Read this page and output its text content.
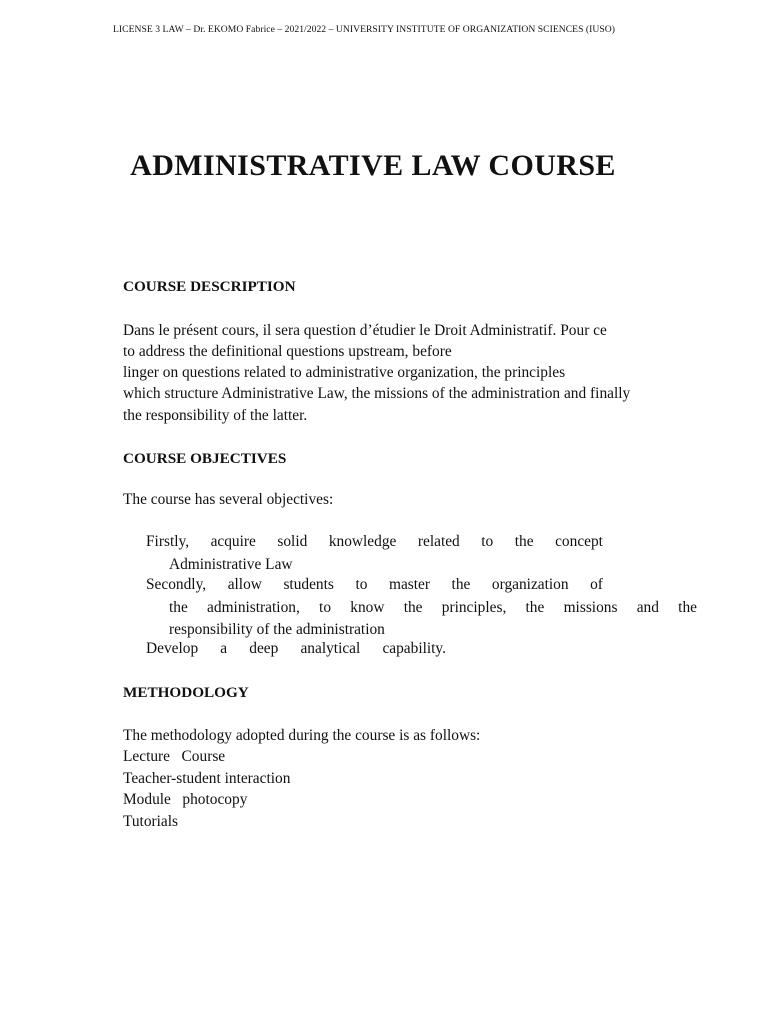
LICENSE 3 LAW – Dr. EKOMO Fabrice – 2021/2022 – UNIVERSITY INSTITUTE OF ORGANIZATION SCIENCES (IUSO)
ADMINISTRATIVE LAW COURSE
COURSE DESCRIPTION
Dans le présent cours, il sera question d’étudier le Droit Administratif. Pour ce
to address the definitional questions upstream, before
linger on questions related to administrative organization, the principles
which structure Administrative Law, the missions of the administration and finally
the responsibility of the latter.
COURSE OBJECTIVES
The course has several objectives:
Firstly, acquire solid knowledge related to the concept
Administrative Law
Secondly, allow students to master the organization of
the administration, to know the principles, the missions and the
responsibility of the administration
Develop a deep analytical capability.
METHODOLOGY
The methodology adopted during the course is as follows:
Lecture   Course
Teacher-student interaction
Module   photocopy
Tutorials
